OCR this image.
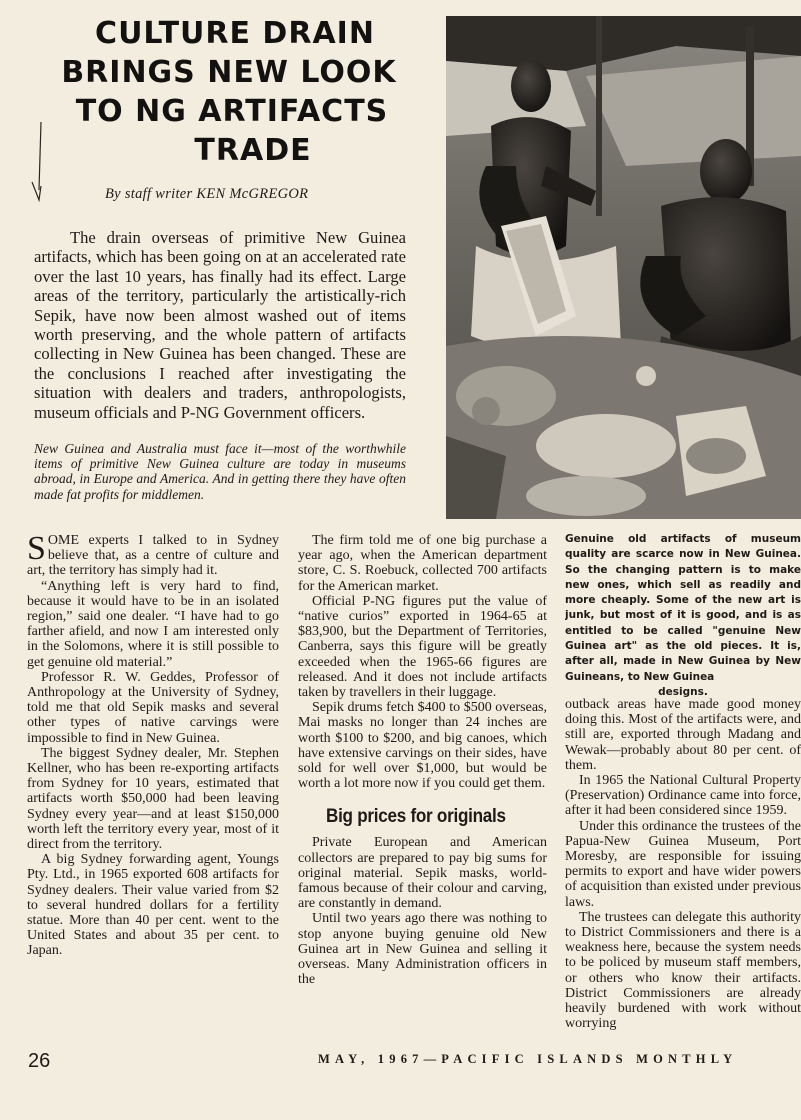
CULTURE DRAIN
BRINGS NEW LOOK
TO NG ARTIFACTS
TRADE
By staff writer KEN McGREGOR

The drain overseas of primitive New Guinea artifacts, which has been going on at an accelerated rate over the last 10 years, has finally had its effect. Large areas of the territory, particularly the artistically-rich Sepik, have now been almost washed out of items worth preserving, and the whole pattern of artifacts collecting in New Guinea has been changed. These are the conclusions I reached after investigating the situation with dealers and traders, anthropologists, museum officials and P-NG Government officers.

New Guinea and Australia must face it—most of the worthwhile items of primitive New Guinea culture are today in museums abroad, in Europe and America. And in getting there they have often made fat profits for middlemen.

SOME experts I talked to in Sydney believe that, as a centre of culture and art, the territory has simply had it.

“Anything left is very hard to find, because it would have to be in an isolated region,” said one dealer. “I have had to go farther afield, and now I am interested only in the Solomons, where it is still possible to get genuine old material.”

Professor R. W. Geddes, Professor of Anthropology at the University of Sydney, told me that old Sepik masks and several other types of native carvings were impossible to find in New Guinea.

The biggest Sydney dealer, Mr. Stephen Kellner, who has been re-exporting artifacts from Sydney for 10 years, estimated that artifacts worth $50,000 had been leaving Sydney every year—and at least $150,000 worth left the territory every year, most of it direct from the territory.

A big Sydney forwarding agent, Youngs Pty. Ltd., in 1965 exported 608 artifacts for Sydney dealers. Their value varied from $2 to several hundred dollars for a fertility statue. More than 40 per cent. went to the United States and about 35 per cent. to Japan.

The firm told me of one big purchase a year ago, when the American department store, C. S. Roebuck, collected 700 artifacts for the American market.

Official P-NG figures put the value of “native curios” exported in 1964-65 at $83,900, but the Department of Territories, Canberra, says this figure will be greatly exceeded when the 1965-66 figures are released. And it does not include artifacts taken by travellers in their luggage.

Sepik drums fetch $400 to $500 overseas, Mai masks no longer than 24 inches are worth $100 to $200, and big canoes, which have extensive carvings on their sides, have sold for well over $1,000, but would be worth a lot more now if you could get them.

Big prices for originals

Private European and American collectors are prepared to pay big sums for original material. Sepik masks, world-famous because of their colour and carving, are constantly in demand.

Until two years ago there was nothing to stop anyone buying genuine old New Guinea art in New Guinea and selling it overseas. Many Administration officers in the

Genuine old artifacts of museum quality are scarce now in New Guinea. So the changing pattern is to make new ones, which sell as readily and more cheaply. Some of the new art is junk, but most of it is good, and is as entitled to be called "genuine New Guinea art" as the old pieces. It is, after all, made in New Guinea by New Guineans, to New Guinea
designs.

outback areas have made good money doing this. Most of the artifacts were, and still are, exported through Madang and Wewak—probably about 80 per cent. of them.

In 1965 the National Cultural Property (Preservation) Ordinance came into force, after it had been considered since 1959.

Under this ordinance the trustees of the Papua-New Guinea Museum, Port Moresby, are responsible for issuing permits to export and have wider powers of acquisition than existed under previous laws.

The trustees can delegate this authority to District Commissioners and there is a weakness here, because the system needs to be policed by museum staff members, or others who know their artifacts. District Commissioners are already heavily burdened with work without worrying

26	MAY, 1967—PACIFIC ISLANDS MONTHLY
